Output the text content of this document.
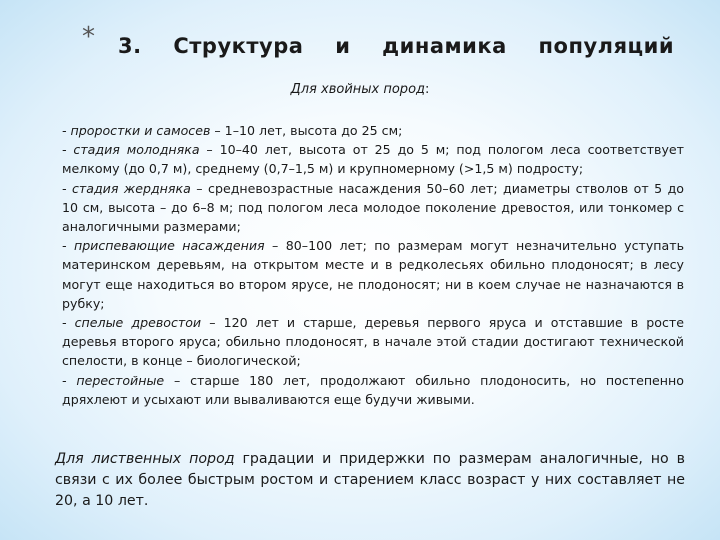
* 3. Структура и динамика популяций
Для хвойных пород:

- проростки и самосев – 1–10 лет, высота до 25 см;

- стадия молодняка – 10–40 лет, высота от 25 до 5 м; под пологом леса соответствует мелкому (до 0,7 м), среднему (0,7–1,5 м) и крупномерному (>1,5 м) подросту;

- стадия жердняка – средневозрастные насаждения 50–60 лет; диаметры стволов от 5 до 10 см, высота – до 6–8 м; под пологом леса молодое поколение древостоя, или тонкомер с аналогичными размерами;

- приспевающие насаждения – 80–100 лет; по размерам могут незначительно уступать материнском деревьям, на открытом месте и в редколесьях обильно плодоносят; в лесу могут еще находиться во втором ярусе, не плодоносят; ни в коем случае не назначаются в рубку;

- спелые древостои – 120 лет и старше, деревья первого яруса и отставшие в росте деревья второго яруса; обильно плодоносят, в начале этой стадии достигают технической спелости, в конце – биологической;

- перестойные – старше 180 лет, продолжают обильно плодоносить, но постепенно дряхлеют и усыхают или вываливаются еще будучи живыми.

Для лиственных пород градации и придержки по размерам аналогичные, но в связи с их более быстрым ростом и старением класс возраст у них составляет не 20, а 10 лет.
